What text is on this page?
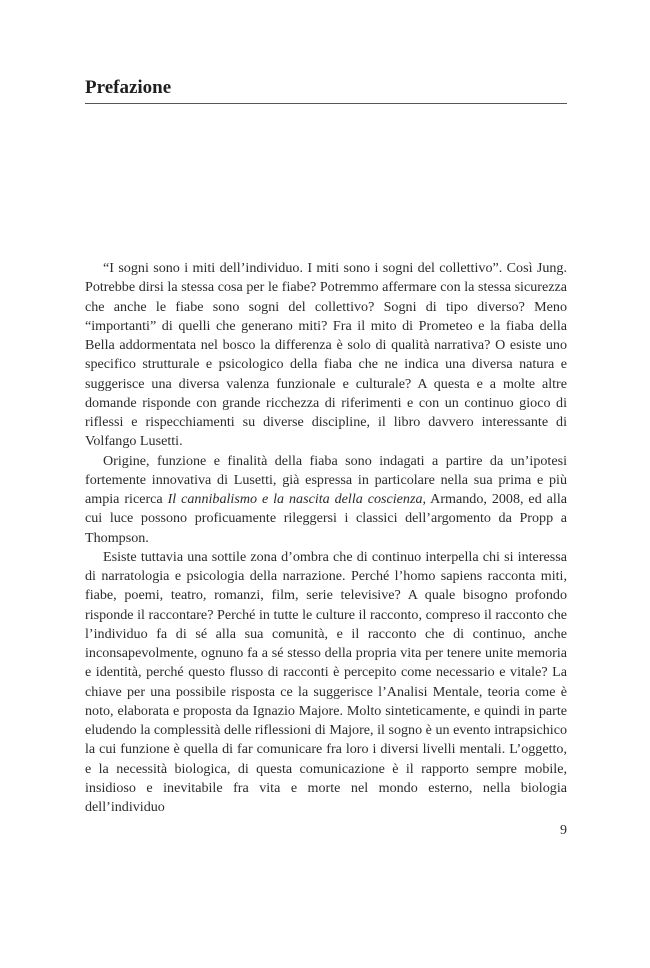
Prefazione

“I sogni sono i miti dell’individuo. I miti sono i sogni del collettivo”. Così Jung. Potrebbe dirsi la stessa cosa per le fiabe? Potremmo affermare con la stessa sicurezza che anche le fiabe sono sogni del collettivo? Sogni di tipo diverso? Meno “importanti” di quelli che generano miti? Fra il mito di Prometeo e la fiaba della Bella addormentata nel bosco la differenza è solo di qualità narrativa? O esiste uno specifico strutturale e psicologico della fiaba che ne indica una diversa natura e suggerisce una diversa valenza funzionale e culturale? A questa e a molte altre domande risponde con grande ricchezza di riferimenti e con un continuo gioco di riflessi e rispecchiamenti su diverse discipline, il libro davvero interessante di Volfango Lusetti.

Origine, funzione e finalità della fiaba sono indagati a partire da un’ipotesi fortemente innovativa di Lusetti, già espressa in particolare nella sua prima e più ampia ricerca Il cannibalismo e la nascita della coscienza, Armando, 2008, ed alla cui luce possono proficuamente rileggersi i classici dell’argomento da Propp a Thompson.

Esiste tuttavia una sottile zona d’ombra che di continuo interpella chi si interessa di narratologia e psicologia della narrazione. Perché l’homo sapiens racconta miti, fiabe, poemi, teatro, romanzi, film, serie televisive? A quale bisogno profondo risponde il raccontare? Perché in tutte le culture il racconto, compreso il racconto che l’individuo fa di sé alla sua comunità, e il racconto che di continuo, anche inconsapevolmente, ognuno fa a sé stesso della propria vita per tenere unite memoria e identità, perché questo flusso di racconti è percepito come necessario e vitale? La chiave per una possibile risposta ce la suggerisce l’Analisi Mentale, teoria come è noto, elaborata e proposta da Ignazio Majore. Molto sinteticamente, e quindi in parte eludendo la complessità delle riflessioni di Majore, il sogno è un evento intrapsichico la cui funzione è quella di far comunicare fra loro i diversi livelli mentali. L’oggetto, e la necessità biologica, di questa comunicazione è il rapporto sempre mobile, insidioso e inevitabile fra vita e morte nel mondo esterno, nella biologia dell’individuo

9
